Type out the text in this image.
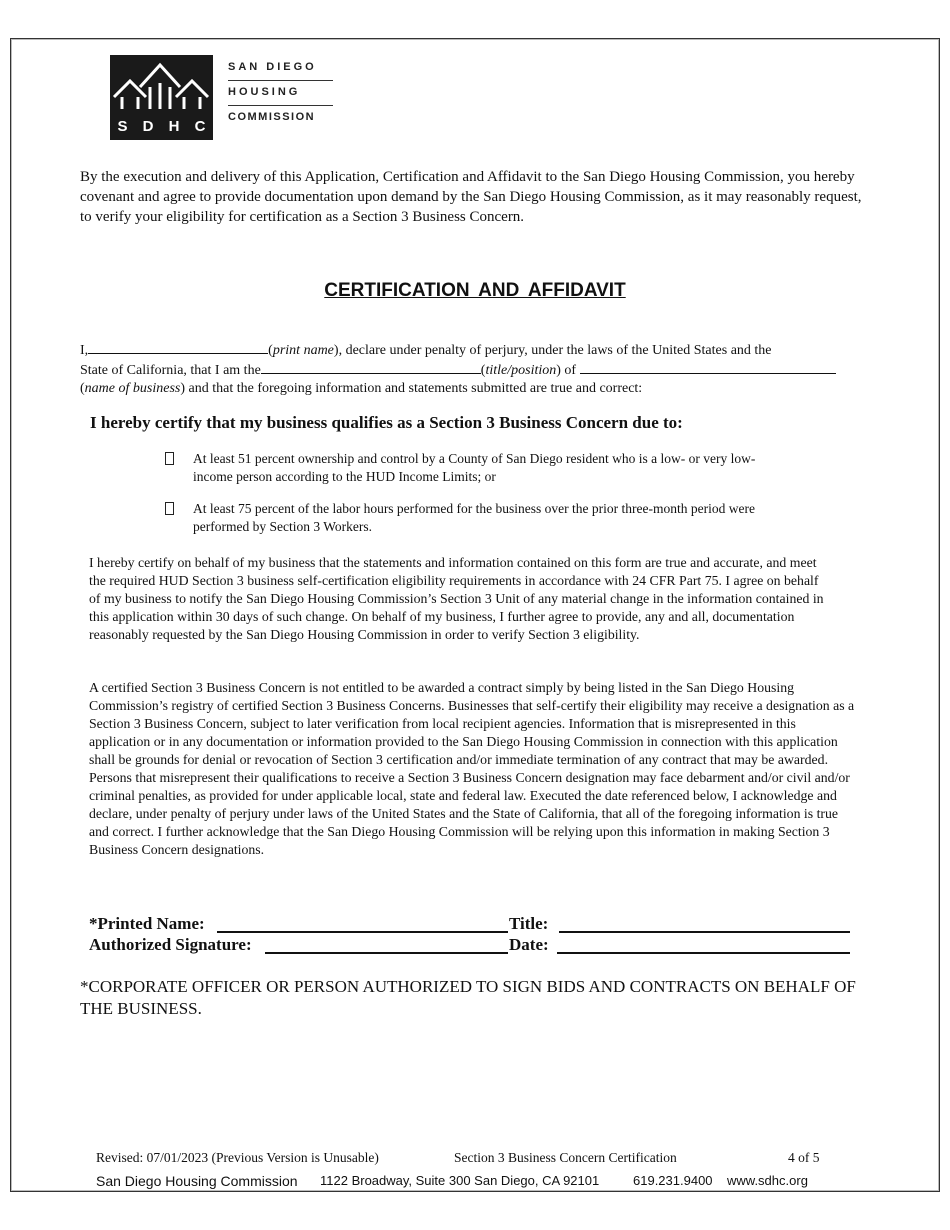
S D H C
SAN DIEGO
HOUSING
COMMISSION
By the execution and delivery of this Application, Certification and Affidavit to the San Diego Housing Commission, you hereby covenant and agree to provide documentation upon demand by the San Diego Housing Commission, as it may reasonably request, to verify your eligibility for certification as a Section 3 Business Concern.
CERTIFICATION AND AFFIDAVIT
I,	(print name), declare under penalty of perjury, under the laws of the United States and the
State of California, that I am the	(title/position) of
(name of business) and that the foregoing information and statements submitted are true and correct:
I hereby certify that my business qualifies as a Section 3 Business Concern due to:
At least 51 percent ownership and control by a County of San Diego resident who is a low- or very low-income person according to the HUD Income Limits; or
At least 75 percent of the labor hours performed for the business over the prior three-month period were performed by Section 3 Workers.
I hereby certify on behalf of my business that the statements and information contained on this form are true and accurate, and meet the required HUD Section 3 business self-certification eligibility requirements in accordance with 24 CFR Part 75. I agree on behalf of my business to notify the San Diego Housing Commission’s Section 3 Unit of any material change in the information contained in this application within 30 days of such change. On behalf of my business, I further agree to provide, any and all, documentation reasonably requested by the San Diego Housing Commission in order to verify Section 3 eligibility.
A certified Section 3 Business Concern is not entitled to be awarded a contract simply by being listed in the San Diego Housing Commission’s registry of certified Section 3 Business Concerns. Businesses that self-certify their eligibility may receive a designation as a Section 3 Business Concern, subject to later verification from local recipient agencies. Information that is misrepresented in this application or in any documentation or information provided to the San Diego Housing Commission in connection with this application shall be grounds for denial or revocation of Section 3 certification and/or immediate termination of any contract that may be awarded. Persons that misrepresent their qualifications to receive a Section 3 Business Concern designation may face debarment and/or civil and/or criminal penalties, as provided for under applicable local, state and federal law. Executed the date referenced below, I acknowledge and declare, under penalty of perjury under laws of the United States and the State of California, that all of the foregoing information is true and correct. I further acknowledge that the San Diego Housing Commission will be relying upon this information in making Section 3 Business Concern designations.
*Printed Name:	Title:
Authorized Signature:	Date:
*CORPORATE OFFICER OR PERSON AUTHORIZED TO SIGN BIDS AND CONTRACTS ON BEHALF OF THE BUSINESS.
Revised: 07/01/2023 (Previous Version is Unusable)	Section 3 Business Concern Certification	4 of 5
San Diego Housing Commission 1122 Broadway, Suite 300 San Diego, CA 92101	619.231.9400 www.sdhc.org
